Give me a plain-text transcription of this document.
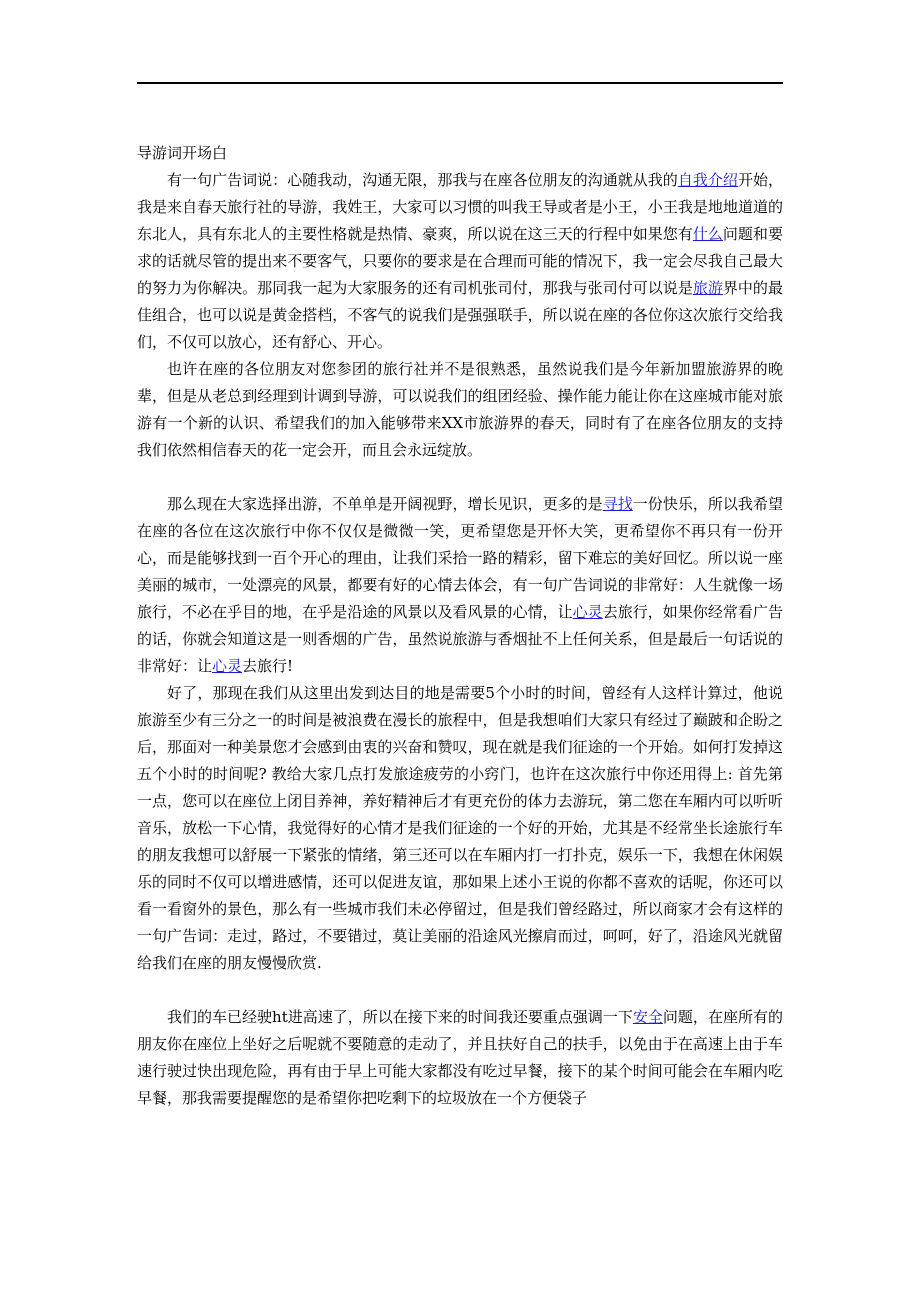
导游词开场白

有一句广告词说：心随我动，沟通无限，那我与在座各位朋友的沟通就从我的自我介绍开始，我是来自春天旅行社的导游，我姓王，大家可以习惯的叫我王导或者是小王，小王我是地地道道的东北人，具有东北人的主要性格就是热情、豪爽，所以说在这三天的行程中如果您有什么问题和要求的话就尽管的提出来不要客气，只要你的要求是在合理而可能的情况下，我一定会尽我自己最大的努力为你解决。那同我一起为大家服务的还有司机张司付，那我与张司付可以说是旅游界中的最佳组合，也可以说是黄金搭档，不客气的说我们是强强联手，所以说在座的各位你这次旅行交给我们，不仅可以放心，还有舒心、开心。

也许在座的各位朋友对您参团的旅行社并不是很熟悉，虽然说我们是今年新加盟旅游界的晚辈，但是从老总到经理到计调到导游，可以说我们的组团经验、操作能力能让你在这座城市能对旅游有一个新的认识、希望我们的加入能够带来XX市旅游界的春天，同时有了在座各位朋友的支持我们依然相信春天的花一定会开，而且会永远绽放。

那么现在大家选择出游，不单单是开阔视野，增长见识，更多的是寻找一份快乐，所以我希望在座的各位在这次旅行中你不仅仅是微微一笑，更希望您是开怀大笑，更希望你不再只有一份开心，而是能够找到一百个开心的理由，让我们采拾一路的精彩，留下难忘的美好回忆。所以说一座美丽的城市，一处漂亮的风景，都要有好的心情去体会，有一句广告词说的非常好：人生就像一场旅行，不必在乎目的地，在乎是沿途的风景以及看风景的心情，让心灵去旅行，如果你经常看广告的话，你就会知道这是一则香烟的广告，虽然说旅游与香烟扯不上任何关系，但是最后一句话说的非常好：让心灵去旅行!

好了，那现在我们从这里出发到达目的地是需要5个小时的时间，曾经有人这样计算过，他说旅游至少有三分之一的时间是被浪费在漫长的旅程中，但是我想咱们大家只有经过了巅跛和企盼之后，那面对一种美景您才会感到由衷的兴奋和赞叹，现在就是我们征途的一个开始。如何打发掉这五个小时的时间呢? 教给大家几点打发旅途疲劳的小窍门，也许在这次旅行中你还用得上: 首先第一点，您可以在座位上闭目养神，养好精神后才有更充份的体力去游玩，第二您在车厢内可以听听音乐，放松一下心情，我觉得好的心情才是我们征途的一个好的开始，尤其是不经常坐长途旅行车的朋友我想可以舒展一下紧张的情绪，第三还可以在车厢内打一打扑克，娱乐一下，我想在休闲娱乐的同时不仅可以增进感情，还可以促进友谊，那如果上述小王说的你都不喜欢的话呢，你还可以看一看窗外的景色，那么有一些城市我们未必停留过，但是我们曾经路过，所以商家才会有这样的一句广告词：走过，路过，不要错过，莫让美丽的沿途风光擦肩而过，呵呵，好了，沿途风光就留给我们在座的朋友慢慢欣赏.

我们的车已经驶ht进高速了，所以在接下来的时间我还要重点强调一下安全问题，在座所有的朋友你在座位上坐好之后呢就不要随意的走动了，并且扶好自己的扶手，以免由于在高速上由于车速行驶过快出现危险，再有由于早上可能大家都没有吃过早餐，接下的某个时间可能会在车厢内吃早餐，那我需要提醒您的是希望你把吃剩下的垃圾放在一个方便袋子
